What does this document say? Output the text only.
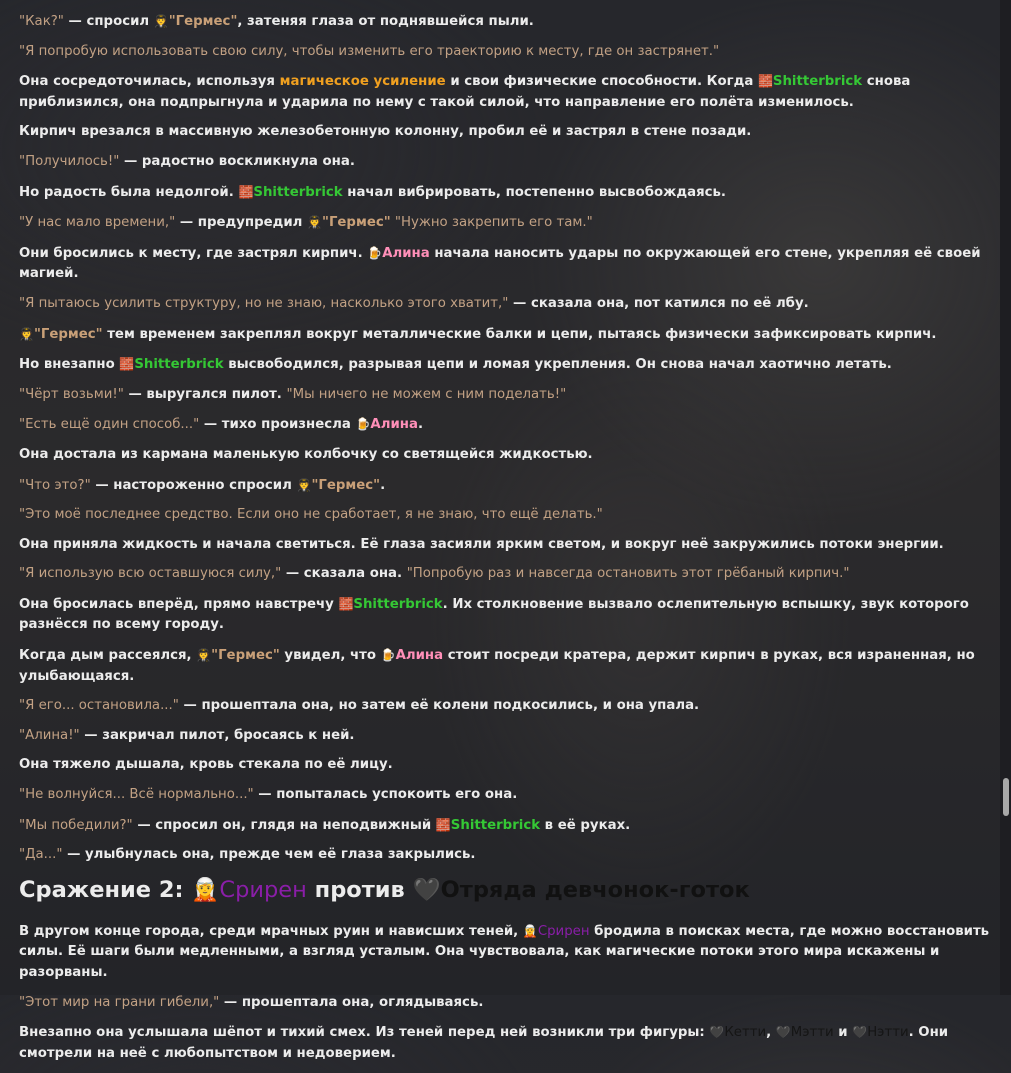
"Как?" — спросил 🧑‍✈️"Гермес", затеняя глаза от поднявшейся пыли.
"Я попробую использовать свою силу, чтобы изменить его траекторию к месту, где он застрянет."
Она сосредоточилась, используя магическое усиление и свои физические способности. Когда 🧱Shitterbrick снова приблизился, она подпрыгнула и ударила по нему с такой силой, что направление его полёта изменилось.
Кирпич врезался в массивную железобетонную колонну, пробил её и застрял в стене позади.
"Получилось!" — радостно воскликнула она.
Но радость была недолгой. 🧱Shitterbrick начал вибрировать, постепенно высвобождаясь.
"У нас мало времени," — предупредил 🧑‍✈️"Гермес" "Нужно закрепить его там."
Они бросились к месту, где застрял кирпич. 🍺Алина начала наносить удары по окружающей его стене, укрепляя её своей магией.
"Я пытаюсь усилить структуру, но не знаю, насколько этого хватит," — сказала она, пот катился по её лбу.
🧑‍✈️"Гермес" тем временем закреплял вокруг металлические балки и цепи, пытаясь физически зафиксировать кирпич.
Но внезапно 🧱Shitterbrick высвободился, разрывая цепи и ломая укрепления. Он снова начал хаотично летать.
"Чёрт возьми!" — выругался пилот. "Мы ничего не можем с ним поделать!"
"Есть ещё один способ..." — тихо произнесла 🍺Алина.
Она достала из кармана маленькую колбочку со светящейся жидкостью.
"Что это?" — настороженно спросил 🧑‍✈️"Гермес".
"Это моё последнее средство. Если оно не сработает, я не знаю, что ещё делать."
Она приняла жидкость и начала светиться. Её глаза засияли ярким светом, и вокруг неё закружились потоки энергии.
"Я использую всю оставшуюся силу," — сказала она. "Попробую раз и навсегда остановить этот грёбаный кирпич."
Она бросилась вперёд, прямо навстречу 🧱Shitterbrick. Их столкновение вызвало ослепительную вспышку, звук которого разнёсся по всему городу.
Когда дым рассеялся, 🧑‍✈️"Гермес" увидел, что 🍺Алина стоит посреди кратера, держит кирпич в руках, вся израненная, но улыбающаяся.
"Я его... остановила..." — прошептала она, но затем её колени подкосились, и она упала.
"Алина!" — закричал пилот, бросаясь к ней.
Она тяжело дышала, кровь стекала по её лицу.
"Не волнуйся... Всё нормально..." — попыталась успокоить его она.
"Мы победили?" — спросил он, глядя на неподвижный 🧱Shitterbrick в её руках.
"Да..." — улыбнулась она, прежде чем её глаза закрылись.
Сражение 2: 🧝Срирен против 🖤Отряда девчонок-готок
В другом конце города, среди мрачных руин и нависших теней, 🧝Срирен бродила в поисках места, где можно восстановить силы. Её шаги были медленными, а взгляд усталым. Она чувствовала, как магические потоки этого мира искажены и разорваны.
"Этот мир на грани гибели," — прошептала она, оглядываясь.
Внезапно она услышала шёпот и тихий смех. Из теней перед ней возникли три фигуры: 🖤Кетти, 🖤Мэтти и 🖤Нэтти. Они смотрели на неё с любопытством и недоверием.
